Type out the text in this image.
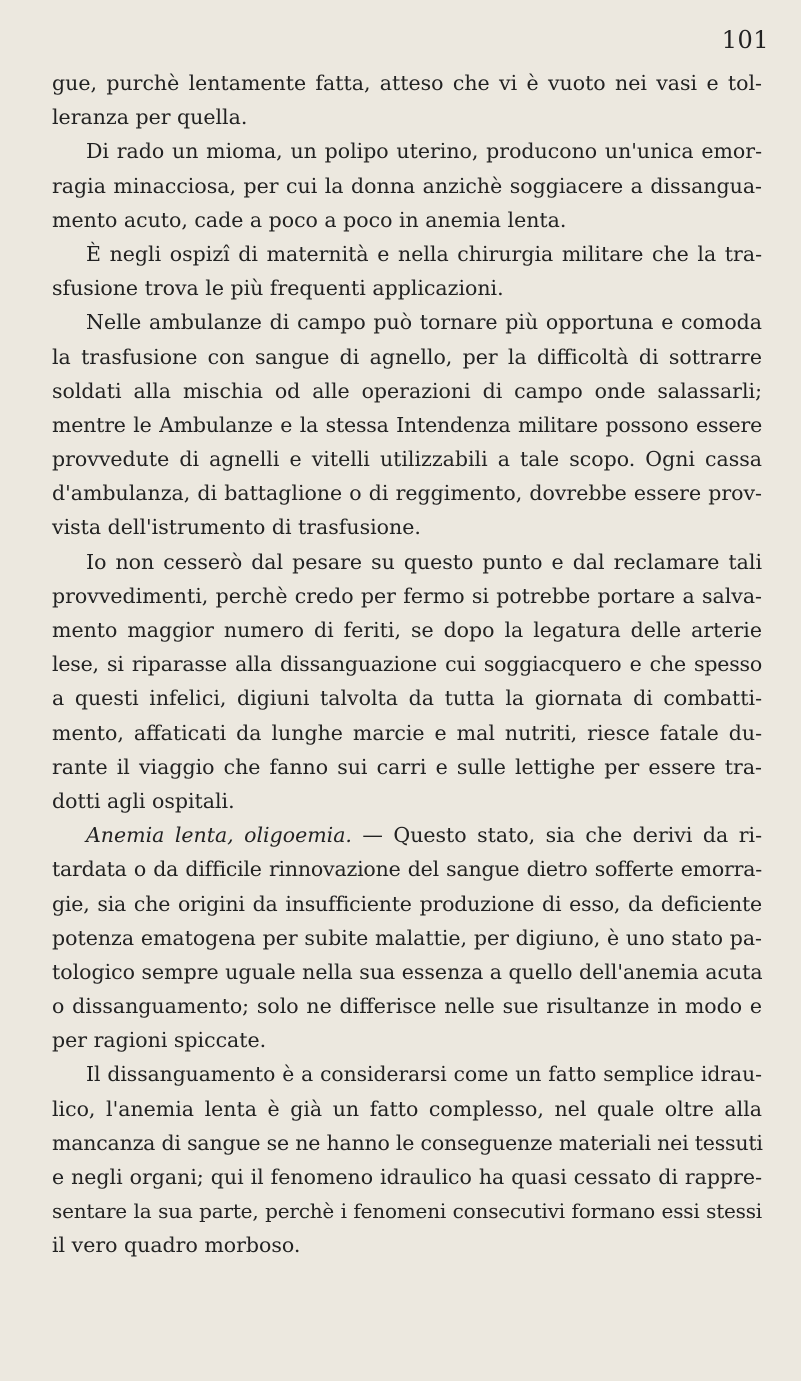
101
gue, purchè lentamente fatta, atteso che vi è vuoto nei vasi e tol-
leranza per quella.
Di rado un mioma, un polipo uterino, producono un'unica emor-
ragia minacciosa, per cui la donna anzichè soggiacere a dissangua-
mento acuto, cade a poco a poco in anemia lenta.
È negli ospizî di maternità e nella chirurgia militare che la tra-
sfusione trova le più frequenti applicazioni.
Nelle ambulanze di campo può tornare più opportuna e comoda
la trasfusione con sangue di agnello, per la difficoltà di sottrarre
soldati alla mischia od alle operazioni di campo onde salassarli;
mentre le Ambulanze e la stessa Intendenza militare possono essere
provvedute di agnelli e vitelli utilizzabili a tale scopo. Ogni cassa
d'ambulanza, di battaglione o di reggimento, dovrebbe essere prov-
vista dell'istrumento di trasfusione.
Io non cesserò dal pesare su questo punto e dal reclamare tali
provvedimenti, perchè credo per fermo si potrebbe portare a salva-
mento maggior numero di feriti, se dopo la legatura delle arterie
lese, si riparasse alla dissanguazione cui soggiacquero e che spesso
a questi infelici, digiuni talvolta da tutta la giornata di combatti-
mento, affaticati da lunghe marcie e mal nutriti, riesce fatale du-
rante il viaggio che fanno sui carri e sulle lettighe per essere tra-
dotti agli ospitali.
Anemia lenta, oligoemia. — Questo stato, sia che derivi da ri-
tardata o da difficile rinnovazione del sangue dietro sofferte emorra-
gie, sia che origini da insufficiente produzione di esso, da deficiente
potenza ematogena per subite malattie, per digiuno, è uno stato pa-
tologico sempre uguale nella sua essenza a quello dell'anemia acuta
o dissanguamento; solo ne differisce nelle sue risultanze in modo e
per ragioni spiccate.
Il dissanguamento è a considerarsi come un fatto semplice idrau-
lico, l'anemia lenta è già un fatto complesso, nel quale oltre alla
mancanza di sangue se ne hanno le conseguenze materiali nei tessuti
e negli organi; qui il fenomeno idraulico ha quasi cessato di rappre-
sentare la sua parte, perchè i fenomeni consecutivi formano essi stessi
il vero quadro morboso.
